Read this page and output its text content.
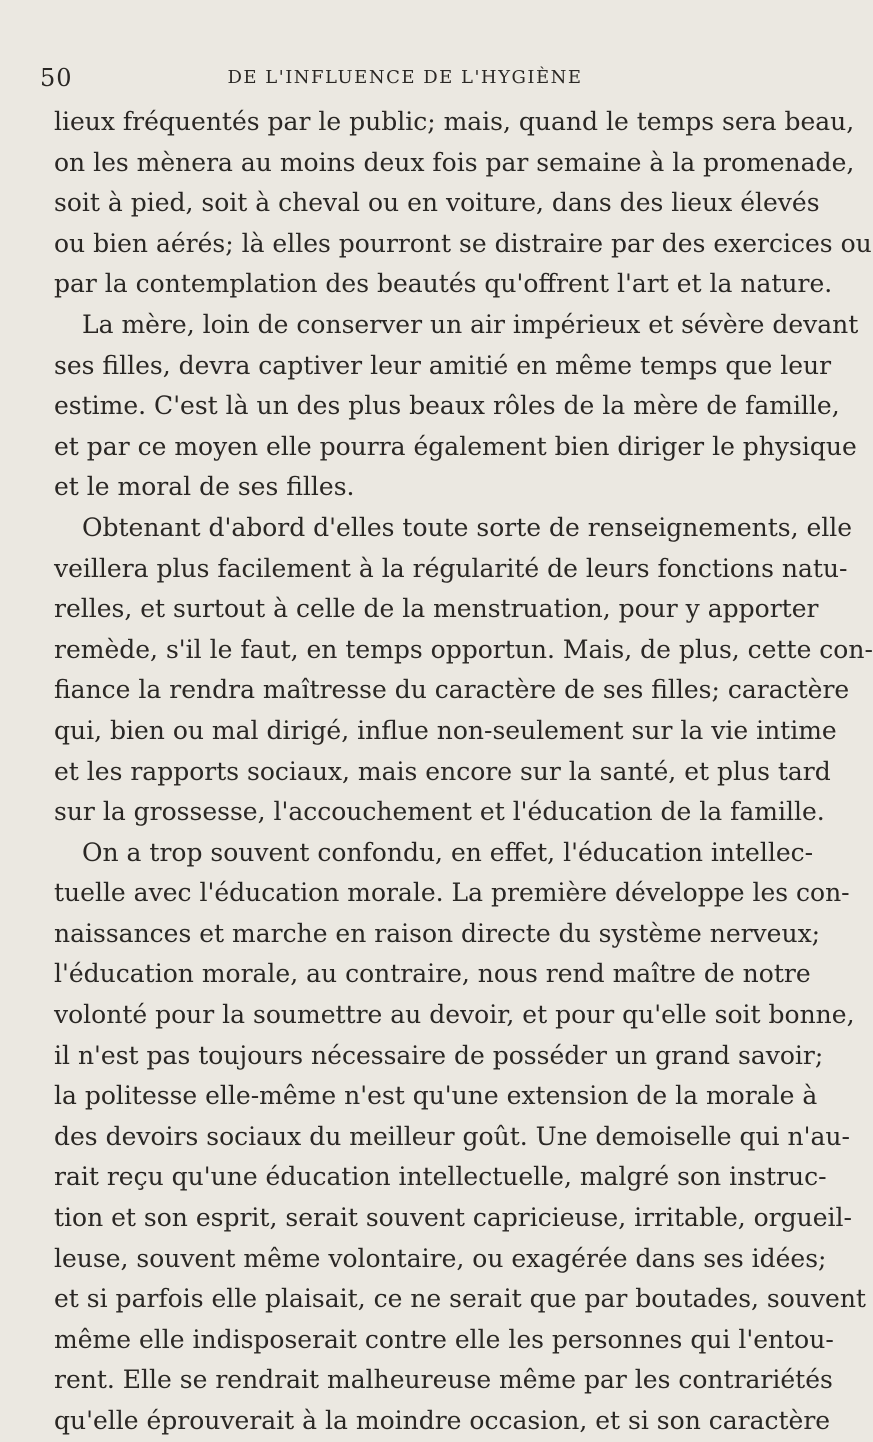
50	DE L'INFLUENCE DE L'HYGIÈNE
lieux fréquentés par le public; mais, quand le temps sera beau,
on les mènera au moins deux fois par semaine à la promenade,
soit à pied, soit à cheval ou en voiture, dans des lieux élevés
ou bien aérés; là elles pourront se distraire par des exercices ou
par la contemplation des beautés qu'offrent l'art et la nature.
La mère, loin de conserver un air impérieux et sévère devant
ses filles, devra captiver leur amitié en même temps que leur
estime. C'est là un des plus beaux rôles de la mère de famille,
et par ce moyen elle pourra également bien diriger le physique
et le moral de ses filles.
Obtenant d'abord d'elles toute sorte de renseignements, elle
veillera plus facilement à la régularité de leurs fonctions natu-
relles, et surtout à celle de la menstruation, pour y apporter
remède, s'il le faut, en temps opportun. Mais, de plus, cette con-
fiance la rendra maîtresse du caractère de ses filles; caractère
qui, bien ou mal dirigé, influe non-seulement sur la vie intime
et les rapports sociaux, mais encore sur la santé, et plus tard
sur la grossesse, l'accouchement et l'éducation de la famille.
On a trop souvent confondu, en effet, l'éducation intellec-
tuelle avec l'éducation morale. La première développe les con-
naissances et marche en raison directe du système nerveux;
l'éducation morale, au contraire, nous rend maître de notre
volonté pour la soumettre au devoir, et pour qu'elle soit bonne,
il n'est pas toujours nécessaire de posséder un grand savoir;
la politesse elle-même n'est qu'une extension de la morale à
des devoirs sociaux du meilleur goût. Une demoiselle qui n'au-
rait reçu qu'une éducation intellectuelle, malgré son instruc-
tion et son esprit, serait souvent capricieuse, irritable, orgueil-
leuse, souvent même volontaire, ou exagérée dans ses idées;
et si parfois elle plaisait, ce ne serait que par boutades, souvent
même elle indisposerait contre elle les personnes qui l'entou-
rent. Elle se rendrait malheureuse même par les contrariétés
qu'elle éprouverait à la moindre occasion, et si son caractère
